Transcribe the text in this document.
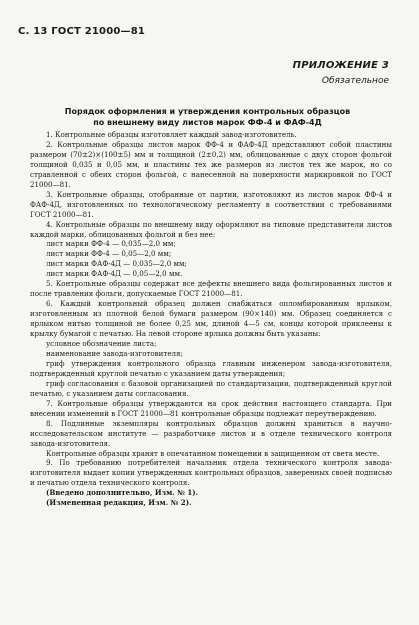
С. 13 ГОСТ 21000—81
ПРИЛОЖЕНИЕ 3
Обязательное
Порядок оформления и утверждения контрольных образцов
по внешнему виду листов марок ФФ-4 и ФАФ-4Д

1. Контрольные образцы изготовляет каждый завод-изготовитель.

2. Контрольные образцы листов марок ФФ-4 и ФАФ-4Д представляют собой пластины размером (70±2)×(100±5) мм и толщиной (2±0,2) мм, облицованные с двух сторон фольгой толщиной 0,035 и 0,05 мм, и пластины тех же размеров из листов тех же марок, но со стравленной с обеих сторон фольгой, с нанесенной на поверхности маркировкой по ГОСТ 21000—81.

3. Контрольные образцы, отобранные от партии, изготовляют из листов марок ФФ-4 и ФАФ-4Д, изготовленных по технологическому регламенту в соответствии с требованиями ГОСТ 21000—81.

4. Контрольные образцы по внешнему виду оформляют на типовые представители листов каждой марки, облицованных фольгой и без нее:

лист марки ФФ-4 — 0,035—2,0 мм;

лист марки ФФ-4 — 0,05—2,0 мм;

лист марки ФАФ-4Д — 0,035—2,0 мм;

лист марки ФАФ-4Д — 0,05—2,0 мм.

5. Контрольные образцы содержат все дефекты внешнего вида фольгированных листов и после травления фольги, допускаемые ГОСТ 21000—81.

6. Каждый контрольный образец должен снабжаться опломбированным ярлыком, изготовленным из плотной белой бумаги размером (90×140) мм. Образец соединяется с ярлыком нитью толщиной не более 0,25 мм, длиной 4—5 см, концы которой приклеены к крылку бумагой с печатью. На левой стороне ярлыка должны быть указаны:

условное обозначение листа;

наименование завода-изготовителя;

гриф утверждения контрольного образца главным инженером завода-изготовителя, подтвержденный круглой печатью с указанием даты утверждения;

гриф согласования с базовой организацией по стандартизации, подтвержденный круглой печатью, с указанием даты согласования.

7. Контрольные образцы утверждаются на срок действия настоящего стандарта. При внесении изменений в ГОСТ 21000—81 контрольные образцы подлежат переутверждению.

8. Подлинные экземпляры контрольных образцов должны храниться в научно-исследовательском институте — разработчике листов и в отделе технического контроля завода-изготовителя.

Контрольные образцы хранят в опечатанном помещении в защищенном от света месте.

9. По требованию потребителей начальник отдела технического контроля завода-изготовителя выдает копии утвержденных контрольных образцов, заверенных своей подписью и печатью отдела технического контроля.

(Введено дополнительно, Изм. № 1).

(Измененная редакция, Изм. № 2).
